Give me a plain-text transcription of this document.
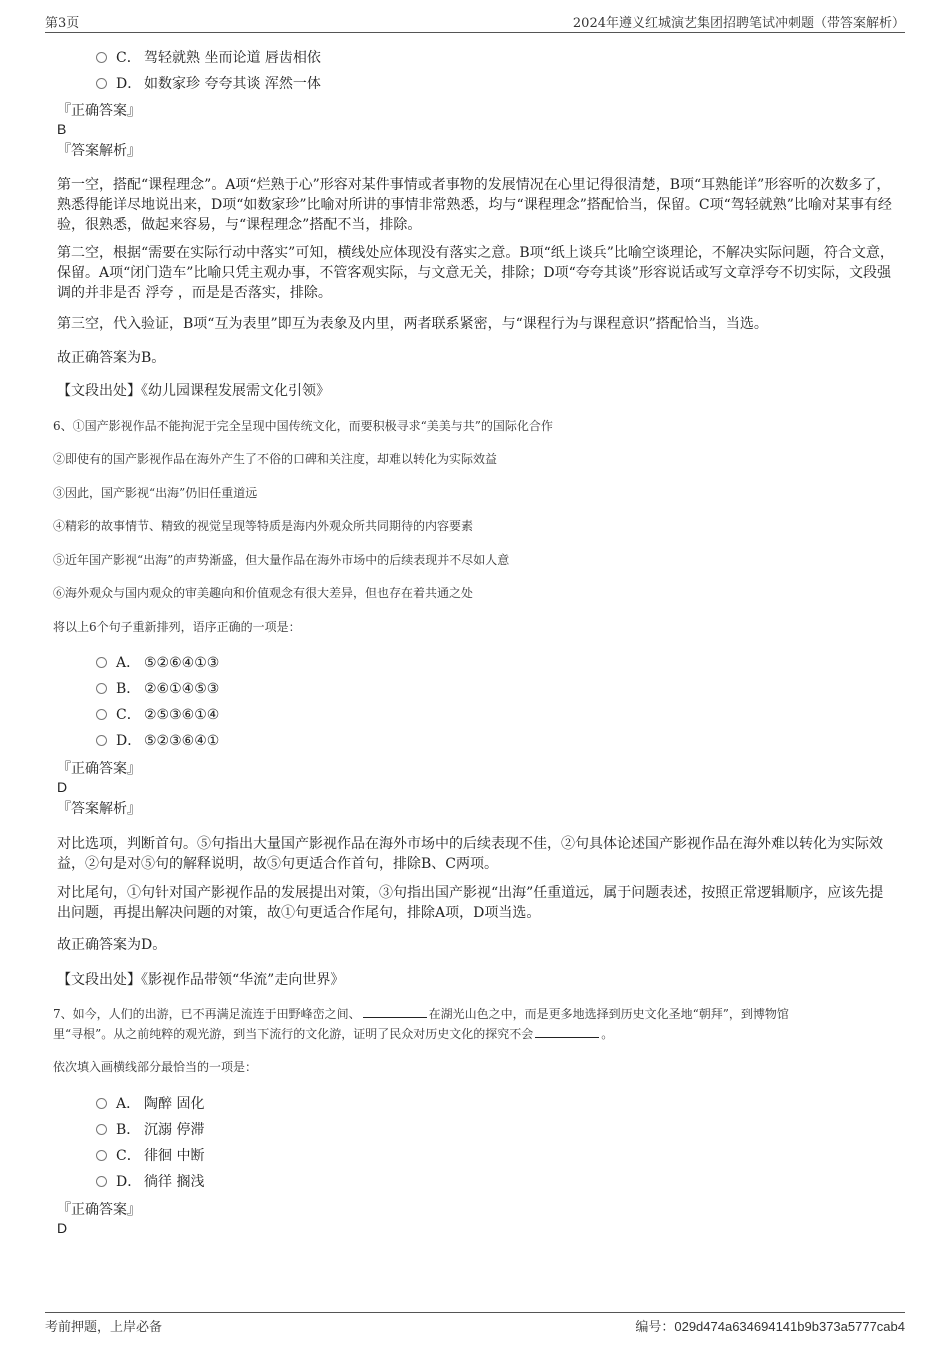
第3页	2024年遵义红城演艺集团招聘笔试冲刺题（带答案解析）
C． 驾轻就熟 坐而论道 唇齿相依
D． 如数家珍 夸夸其谈 浑然一体
『正确答案』
B
『答案解析』
第一空，搭配“课程理念”。A项“烂熟于心”形容对某件事情或者事物的发展情况在心里记得很清楚，B项“耳熟能详”形容听的次数多了，熟悉得能详尽地说出来，D项“如数家珍”比喻对所讲的事情非常熟悉，均与“课程理念”搭配恰当，保留。C项“驾轻就熟”比喻对某事有经验，很熟悉，做起来容易，与“课程理念”搭配不当，排除。
第二空，根据“需要在实际行动中落实”可知，横线处应体现没有落实之意。B项“纸上谈兵”比喻空谈理论，不解决实际问题，符合文意，保留。A项“闭门造车”比喻只凭主观办事，不管客观实际，与文意无关，排除；D项“夸夸其谈”形容说话或写文章浮夸不切实际，文段强调的并非是否 浮夸 ，而是是否落实，排除。
第三空，代入验证，B项“互为表里”即互为表象及内里，两者联系紧密，与“课程行为与课程意识”搭配恰当，当选。
故正确答案为B。
【文段出处】《幼儿园课程发展需文化引领》
6、①国产影视作品不能拘泥于完全呈现中国传统文化，而要积极寻求“美美与共”的国际化合作
②即使有的国产影视作品在海外产生了不俗的口碑和关注度，却难以转化为实际效益
③因此，国产影视“出海”仍旧任重道远
④精彩的故事情节、精致的视觉呈现等特质是海内外观众所共同期待的内容要素
⑤近年国产影视“出海”的声势渐盛，但大量作品在海外市场中的后续表现并不尽如人意
⑥海外观众与国内观众的审美趣向和价值观念有很大差异，但也存在着共通之处
将以上6个句子重新排列，语序正确的一项是：
A． ⑤②⑥④①③
B． ②⑥①④⑤③
C． ②⑤③⑥①④
D． ⑤②③⑥④①
『正确答案』
D
『答案解析』
对比选项，判断首句。⑤句指出大量国产影视作品在海外市场中的后续表现不佳，②句具体论述国产影视作品在海外难以转化为实际效益，②句是对⑤句的解释说明，故⑤句更适合作首句，排除B、C两项。
对比尾句，①句针对国产影视作品的发展提出对策，③句指出国产影视“出海”任重道远，属于问题表述，按照正常逻辑顺序，应该先提出问题，再提出解决问题的对策，故①句更适合作尾句，排除A项，D项当选。
故正确答案为D。
【文段出处】《影视作品带领“华流”走向世界》
7、如今，人们的出游，已不再满足流连于田野峰峦之间、	在湖光山色之中，而是更多地选择到历史文化圣地“朝拜”，到博物馆
里“寻根”。从之前纯粹的观光游，到当下流行的文化游，证明了民众对历史文化的探究不会	。
依次填入画横线部分最恰当的一项是：
A． 陶醉 固化
B． 沉溺 停滞
C． 徘徊 中断
D． 徜徉 搁浅
『正确答案』
D
考前押题，上岸必备	编号：029d474a634694141b9b373a5777cab4
